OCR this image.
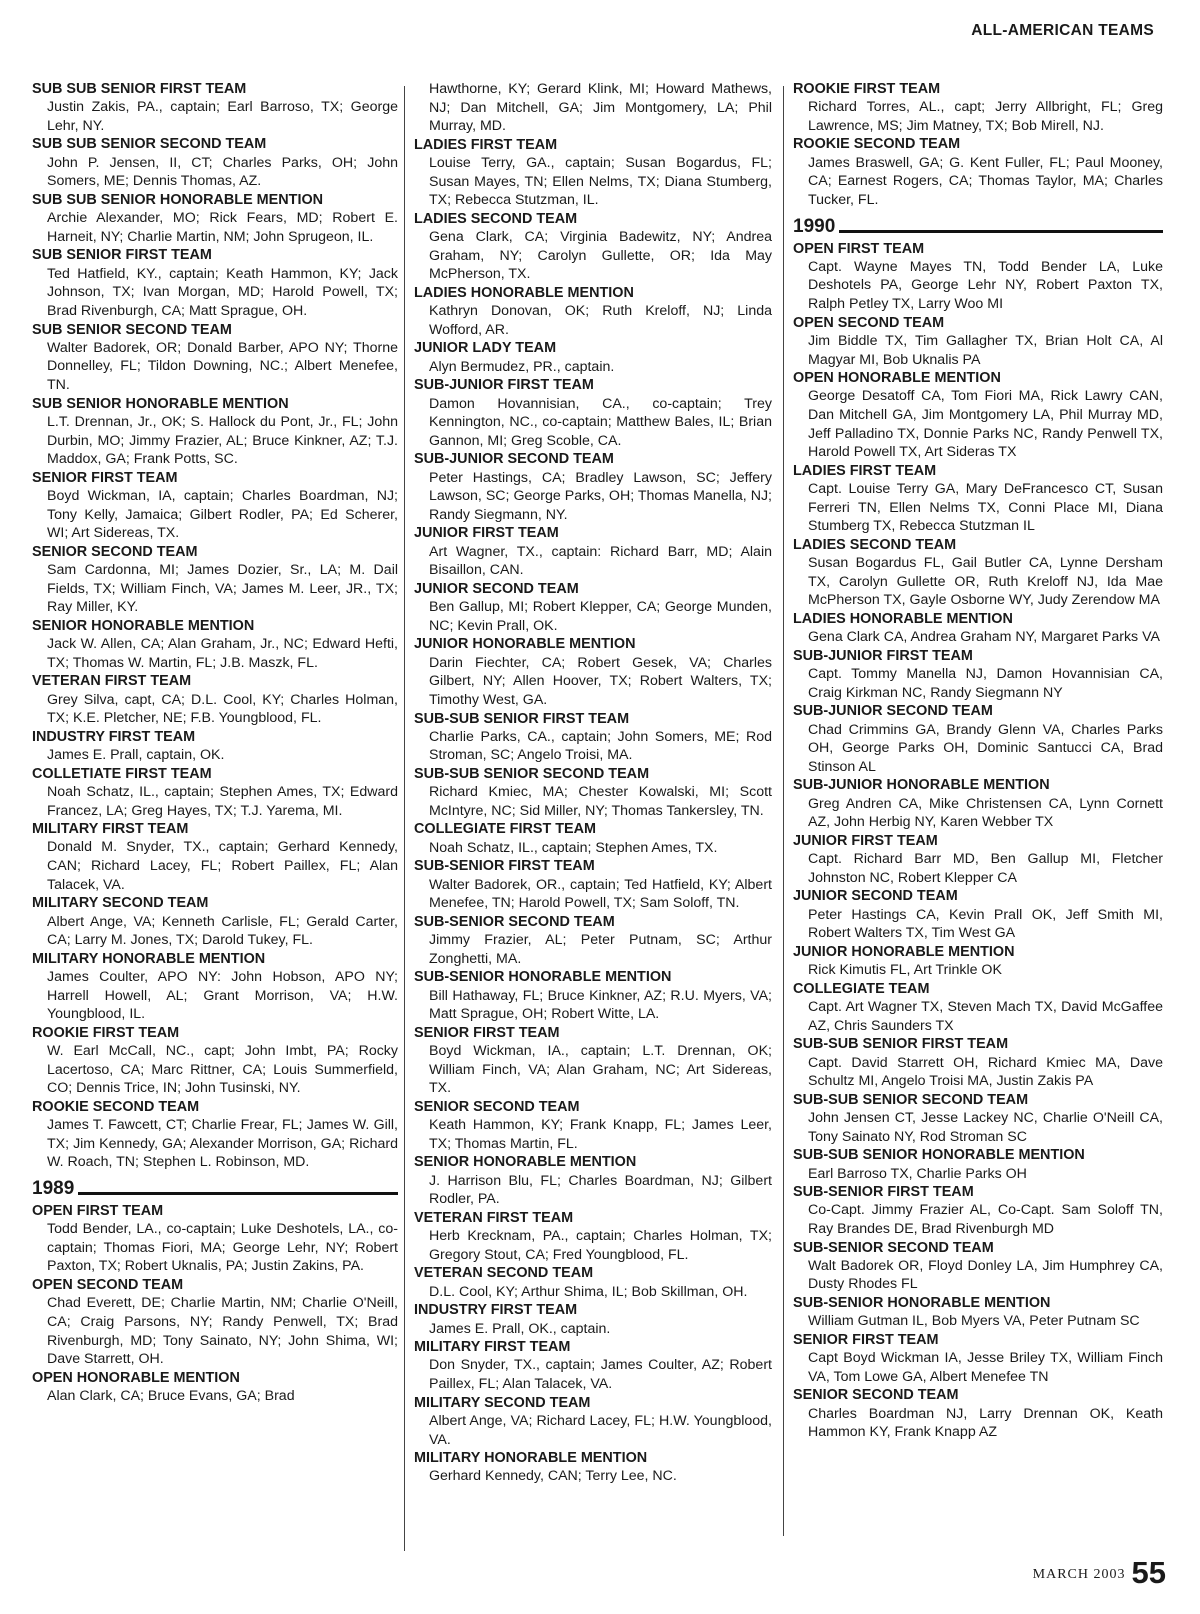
ALL-AMERICAN TEAMS
SUB SUB SENIOR FIRST TEAM
Justin Zakis, PA., captain; Earl Barroso, TX; George Lehr, NY.
SUB SUB SENIOR SECOND TEAM
John P. Jensen, II, CT; Charles Parks, OH; John Somers, ME; Dennis Thomas, AZ.
SUB SUB SENIOR HONORABLE MENTION
Archie Alexander, MO; Rick Fears, MD; Robert E. Harneit, NY; Charlie Martin, NM; John Sprugeon, IL.
SUB SENIOR FIRST TEAM
Ted Hatfield, KY., captain; Keath Hammon, KY; Jack Johnson, TX; Ivan Morgan, MD; Harold Powell, TX; Brad Rivenburgh, CA; Matt Sprague, OH.
SUB SENIOR SECOND TEAM
Walter Badorek, OR; Donald Barber, APO NY; Thorne Donnelley, FL; Tildon Downing, NC.; Albert Menefee, TN.
SUB SENIOR HONORABLE MENTION
L.T. Drennan, Jr., OK; S. Hallock du Pont, Jr., FL; John Durbin, MO; Jimmy Frazier, AL; Bruce Kinkner, AZ; T.J. Maddox, GA; Frank Potts, SC.
SENIOR FIRST TEAM
Boyd Wickman, IA, captain; Charles Boardman, NJ; Tony Kelly, Jamaica; Gilbert Rodler, PA; Ed Scherer, WI; Art Sidereas, TX.
SENIOR SECOND TEAM
Sam Cardonna, MI; James Dozier, Sr., LA; M. Dail Fields, TX; William Finch, VA; James M. Leer, JR., TX; Ray Miller, KY.
SENIOR HONORABLE MENTION
Jack W. Allen, CA; Alan Graham, Jr., NC; Edward Hefti, TX; Thomas W. Martin, FL; J.B. Maszk, FL.
VETERAN FIRST TEAM
Grey Silva, capt, CA; D.L. Cool, KY; Charles Holman, TX; K.E. Pletcher, NE; F.B. Youngblood, FL.
INDUSTRY FIRST TEAM
James E. Prall, captain, OK.
COLLETIATE FIRST TEAM
Noah Schatz, IL., captain; Stephen Ames, TX; Edward Francez, LA; Greg Hayes, TX; T.J. Yarema, MI.
MILITARY FIRST TEAM
Donald M. Snyder, TX., captain; Gerhard Kennedy, CAN; Richard Lacey, FL; Robert Paillex, FL; Alan Talacek, VA.
MILITARY SECOND TEAM
Albert Ange, VA; Kenneth Carlisle, FL; Gerald Carter, CA; Larry M. Jones, TX; Darold Tukey, FL.
MILITARY HONORABLE MENTION
James Coulter, APO NY: John Hobson, APO NY; Harrell Howell, AL; Grant Morrison, VA; H.W. Youngblood, IL.
ROOKIE FIRST TEAM
W. Earl McCall, NC., capt; John Imbt, PA; Rocky Lacertoso, CA; Marc Rittner, CA; Louis Summerfield, CO; Dennis Trice, IN; John Tusinski, NY.
ROOKIE SECOND TEAM
James T. Fawcett, CT; Charlie Frear, FL; James W. Gill, TX; Jim Kennedy, GA; Alexander Morrison, GA; Richard W. Roach, TN; Stephen L. Robinson, MD.
1989
OPEN FIRST TEAM
Todd Bender, LA., co-captain; Luke Deshotels, LA., co-captain; Thomas Fiori, MA; George Lehr, NY; Robert Paxton, TX; Robert Uknalis, PA; Justin Zakins, PA.
OPEN SECOND TEAM
Chad Everett, DE; Charlie Martin, NM; Charlie O'Neill, CA; Craig Parsons, NY; Randy Penwell, TX; Brad Rivenburgh, MD; Tony Sainato, NY; John Shima, WI; Dave Starrett, OH.
OPEN HONORABLE MENTION
Alan Clark, CA; Bruce Evans, GA; Brad
Hawthorne, KY; Gerard Klink, MI; Howard Mathews, NJ; Dan Mitchell, GA; Jim Montgomery, LA; Phil Murray, MD.
LADIES FIRST TEAM
Louise Terry, GA., captain; Susan Bogardus, FL; Susan Mayes, TN; Ellen Nelms, TX; Diana Stumberg, TX; Rebecca Stutzman, IL.
LADIES SECOND TEAM
Gena Clark, CA; Virginia Badewitz, NY; Andrea Graham, NY; Carolyn Gullette, OR; Ida May McPherson, TX.
LADIES HONORABLE MENTION
Kathryn Donovan, OK; Ruth Kreloff, NJ; Linda Wofford, AR.
JUNIOR LADY TEAM
Alyn Bermudez, PR., captain.
SUB-JUNIOR FIRST TEAM
Damon Hovannisian, CA., co-captain; Trey Kennington, NC., co-captain; Matthew Bales, IL; Brian Gannon, MI; Greg Scoble, CA.
SUB-JUNIOR SECOND TEAM
Peter Hastings, CA; Bradley Lawson, SC; Jeffery Lawson, SC; George Parks, OH; Thomas Manella, NJ; Randy Siegmann, NY.
JUNIOR FIRST TEAM
Art Wagner, TX., captain: Richard Barr, MD; Alain Bisaillon, CAN.
JUNIOR SECOND TEAM
Ben Gallup, MI; Robert Klepper, CA; George Munden, NC; Kevin Prall, OK.
JUNIOR HONORABLE MENTION
Darin Fiechter, CA; Robert Gesek, VA; Charles Gilbert, NY; Allen Hoover, TX; Robert Walters, TX; Timothy West, GA.
SUB-SUB SENIOR FIRST TEAM
Charlie Parks, CA., captain; John Somers, ME; Rod Stroman, SC; Angelo Troisi, MA.
SUB-SUB SENIOR SECOND TEAM
Richard Kmiec, MA; Chester Kowalski, MI; Scott McIntyre, NC; Sid Miller, NY; Thomas Tankersley, TN.
COLLEGIATE FIRST TEAM
Noah Schatz, IL., captain; Stephen Ames, TX.
SUB-SENIOR FIRST TEAM
Walter Badorek, OR., captain; Ted Hatfield, KY; Albert Menefee, TN; Harold Powell, TX; Sam Soloff, TN.
SUB-SENIOR SECOND TEAM
Jimmy Frazier, AL; Peter Putnam, SC; Arthur Zonghetti, MA.
SUB-SENIOR HONORABLE MENTION
Bill Hathaway, FL; Bruce Kinkner, AZ; R.U. Myers, VA; Matt Sprague, OH; Robert Witte, LA.
SENIOR FIRST TEAM
Boyd Wickman, IA., captain; L.T. Drennan, OK; William Finch, VA; Alan Graham, NC; Art Sidereas, TX.
SENIOR SECOND TEAM
Keath Hammon, KY; Frank Knapp, FL; James Leer, TX; Thomas Martin, FL.
SENIOR HONORABLE MENTION
J. Harrison Blu, FL; Charles Boardman, NJ; Gilbert Rodler, PA.
VETERAN FIRST TEAM
Herb Krecknam, PA., captain; Charles Holman, TX; Gregory Stout, CA; Fred Youngblood, FL.
VETERAN SECOND TEAM
D.L. Cool, KY; Arthur Shima, IL; Bob Skillman, OH.
INDUSTRY FIRST TEAM
James E. Prall, OK., captain.
MILITARY FIRST TEAM
Don Snyder, TX., captain; James Coulter, AZ; Robert Paillex, FL; Alan Talacek, VA.
MILITARY SECOND TEAM
Albert Ange, VA; Richard Lacey, FL; H.W. Youngblood, VA.
MILITARY HONORABLE MENTION
Gerhard Kennedy, CAN; Terry Lee, NC.
ROOKIE FIRST TEAM
Richard Torres, AL., capt; Jerry Allbright, FL; Greg Lawrence, MS; Jim Matney, TX; Bob Mirell, NJ.
ROOKIE SECOND TEAM
James Braswell, GA; G. Kent Fuller, FL; Paul Mooney, CA; Earnest Rogers, CA; Thomas Taylor, MA; Charles Tucker, FL.
1990
OPEN FIRST TEAM
Capt. Wayne Mayes TN, Todd Bender LA, Luke Deshotels PA, George Lehr NY, Robert Paxton TX, Ralph Petley TX, Larry Woo MI
OPEN SECOND TEAM
Jim Biddle TX, Tim Gallagher TX, Brian Holt CA, Al Magyar MI, Bob Uknalis PA
OPEN HONORABLE MENTION
George Desatoff CA, Tom Fiori MA, Rick Lawry CAN, Dan Mitchell GA, Jim Montgomery LA, Phil Murray MD, Jeff Palladino TX, Donnie Parks NC, Randy Penwell TX, Harold Powell TX, Art Sideras TX
LADIES FIRST TEAM
Capt. Louise Terry GA, Mary DeFrancesco CT, Susan Ferreri TN, Ellen Nelms TX, Conni Place MI, Diana Stumberg TX, Rebecca Stutzman IL
LADIES SECOND TEAM
Susan Bogardus FL, Gail Butler CA, Lynne Dersham TX, Carolyn Gullette OR, Ruth Kreloff NJ, Ida Mae McPherson TX, Gayle Osborne WY, Judy Zerendow MA
LADIES HONORABLE MENTION
Gena Clark CA, Andrea Graham NY, Margaret Parks VA
SUB-JUNIOR FIRST TEAM
Capt. Tommy Manella NJ, Damon Hovannisian CA, Craig Kirkman NC, Randy Siegmann NY
SUB-JUNIOR SECOND TEAM
Chad Crimmins GA, Brandy Glenn VA, Charles Parks OH, George Parks OH, Dominic Santucci CA, Brad Stinson AL
SUB-JUNIOR HONORABLE MENTION
Greg Andren CA, Mike Christensen CA, Lynn Cornett AZ, John Herbig NY, Karen Webber TX
JUNIOR FIRST TEAM
Capt. Richard Barr MD, Ben Gallup MI, Fletcher Johnston NC, Robert Klepper CA
JUNIOR SECOND TEAM
Peter Hastings CA, Kevin Prall OK, Jeff Smith MI, Robert Walters TX, Tim West GA
JUNIOR HONORABLE MENTION
Rick Kimutis FL, Art Trinkle OK
COLLEGIATE TEAM
Capt. Art Wagner TX, Steven Mach TX, David McGaffee AZ, Chris Saunders TX
SUB-SUB SENIOR FIRST TEAM
Capt. David Starrett OH, Richard Kmiec MA, Dave Schultz MI, Angelo Troisi MA, Justin Zakis PA
SUB-SUB SENIOR SECOND TEAM
John Jensen CT, Jesse Lackey NC, Charlie O'Neill CA, Tony Sainato NY, Rod Stroman SC
SUB-SUB SENIOR HONORABLE MENTION
Earl Barroso TX, Charlie Parks OH
SUB-SENIOR FIRST TEAM
Co-Capt. Jimmy Frazier AL, Co-Capt. Sam Soloff TN, Ray Brandes DE, Brad Rivenburgh MD
SUB-SENIOR SECOND TEAM
Walt Badorek OR, Floyd Donley LA, Jim Humphrey CA, Dusty Rhodes FL
SUB-SENIOR HONORABLE MENTION
William Gutman IL, Bob Myers VA, Peter Putnam SC
SENIOR FIRST TEAM
Capt Boyd Wickman IA, Jesse Briley TX, William Finch VA, Tom Lowe GA, Albert Menefee TN
SENIOR SECOND TEAM
Charles Boardman NJ, Larry Drennan OK, Keath Hammon KY, Frank Knapp AZ
MARCH 2003 55
